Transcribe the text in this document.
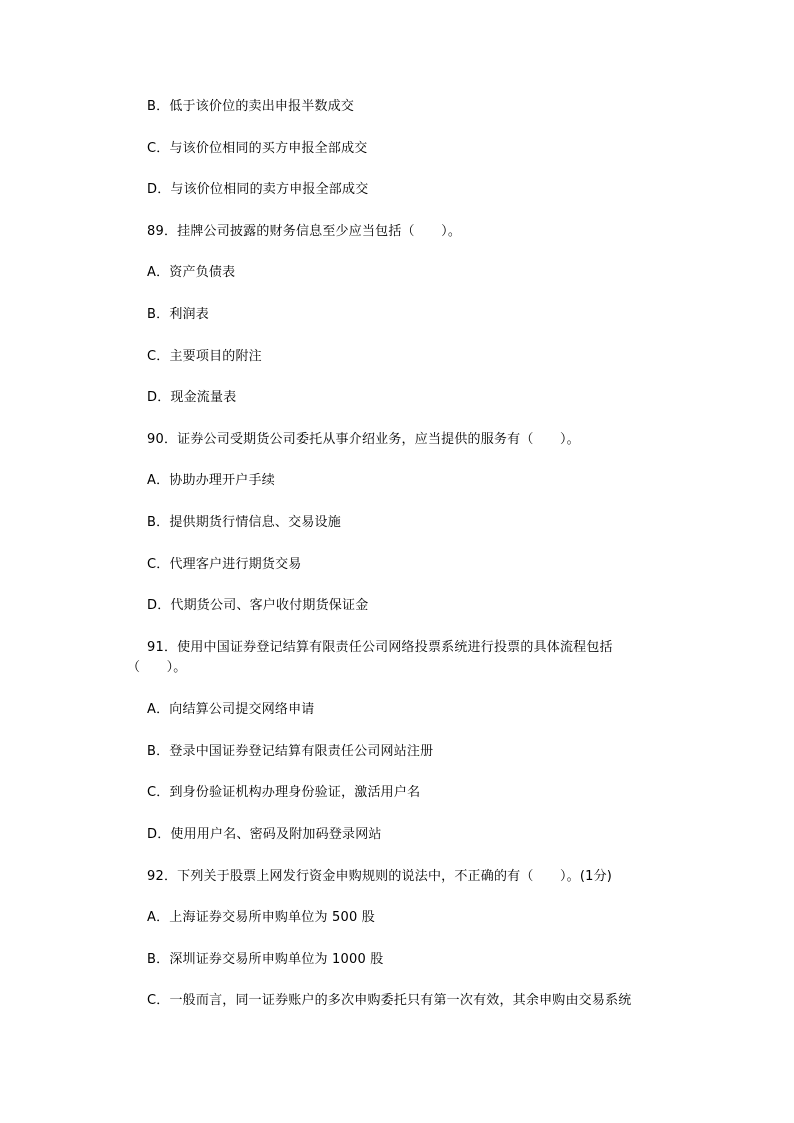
B．低于该价位的卖出申报半数成交
C．与该价位相同的买方申报全部成交
D．与该价位相同的卖方申报全部成交
89．挂牌公司披露的财务信息至少应当包括（　　）。
A．资产负债表
B．利润表
C．主要项目的附注
D．现金流量表
90．证券公司受期货公司委托从事介绍业务，应当提供的服务有（　　）。
A．协助办理开户手续
B．提供期货行情信息、交易设施
C．代理客户进行期货交易
D．代期货公司、客户收付期货保证金
91．使用中国证券登记结算有限责任公司网络投票系统进行投票的具体流程包括
（　　）。
A．向结算公司提交网络申请
B．登录中国证券登记结算有限责任公司网站注册
C．到身份验证机构办理身份验证，激活用户名
D．使用用户名、密码及附加码登录网站
92．下列关于股票上网发行资金申购规则的说法中，不正确的有（　　）。(1分)
A．上海证券交易所申购单位为 500 股
B．深圳证券交易所申购单位为 1000 股
C．一般而言，同一证券账户的多次申购委托只有第一次有效，其余申购由交易系统
